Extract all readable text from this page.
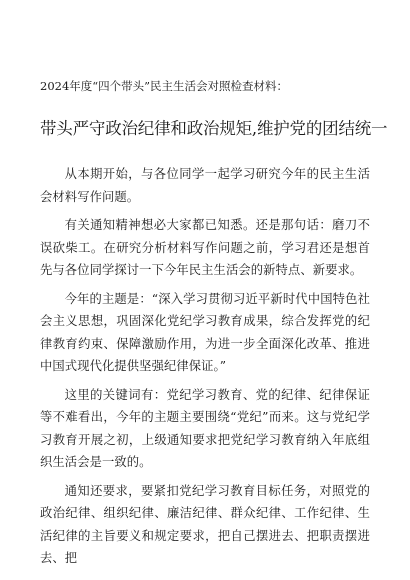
2024年度“四个带头”民主生活会对照检查材料：
带头严守政治纪律和政治规矩,维护党的团结统一

从本期开始，与各位同学一起学习研究今年的民主生活会材料写作问题。

有关通知精神想必大家都已知悉。还是那句话：磨刀不误砍柴工。在研究分析材料写作问题之前，学习君还是想首先与各位同学探讨一下今年民主生活会的新特点、新要求。

今年的主题是：“深入学习贯彻习近平新时代中国特色社会主义思想，巩固深化党纪学习教育成果，综合发挥党的纪律教育约束、保障激励作用，为进一步全面深化改革、推进中国式现代化提供坚强纪律保证。”

这里的关键词有：党纪学习教育、党的纪律、纪律保证等不难看出，今年的主题主要围绕“党纪”而来。这与党纪学习教育开展之初，上级通知要求把党纪学习教育纳入年底组织生活会是一致的。

通知还要求，要紧扣党纪学习教育目标任务，对照党的政治纪律、组织纪律、廉洁纪律、群众纪律、工作纪律、生活纪律的主旨要义和规定要求，把自己摆进去、把职责摆进去、把
